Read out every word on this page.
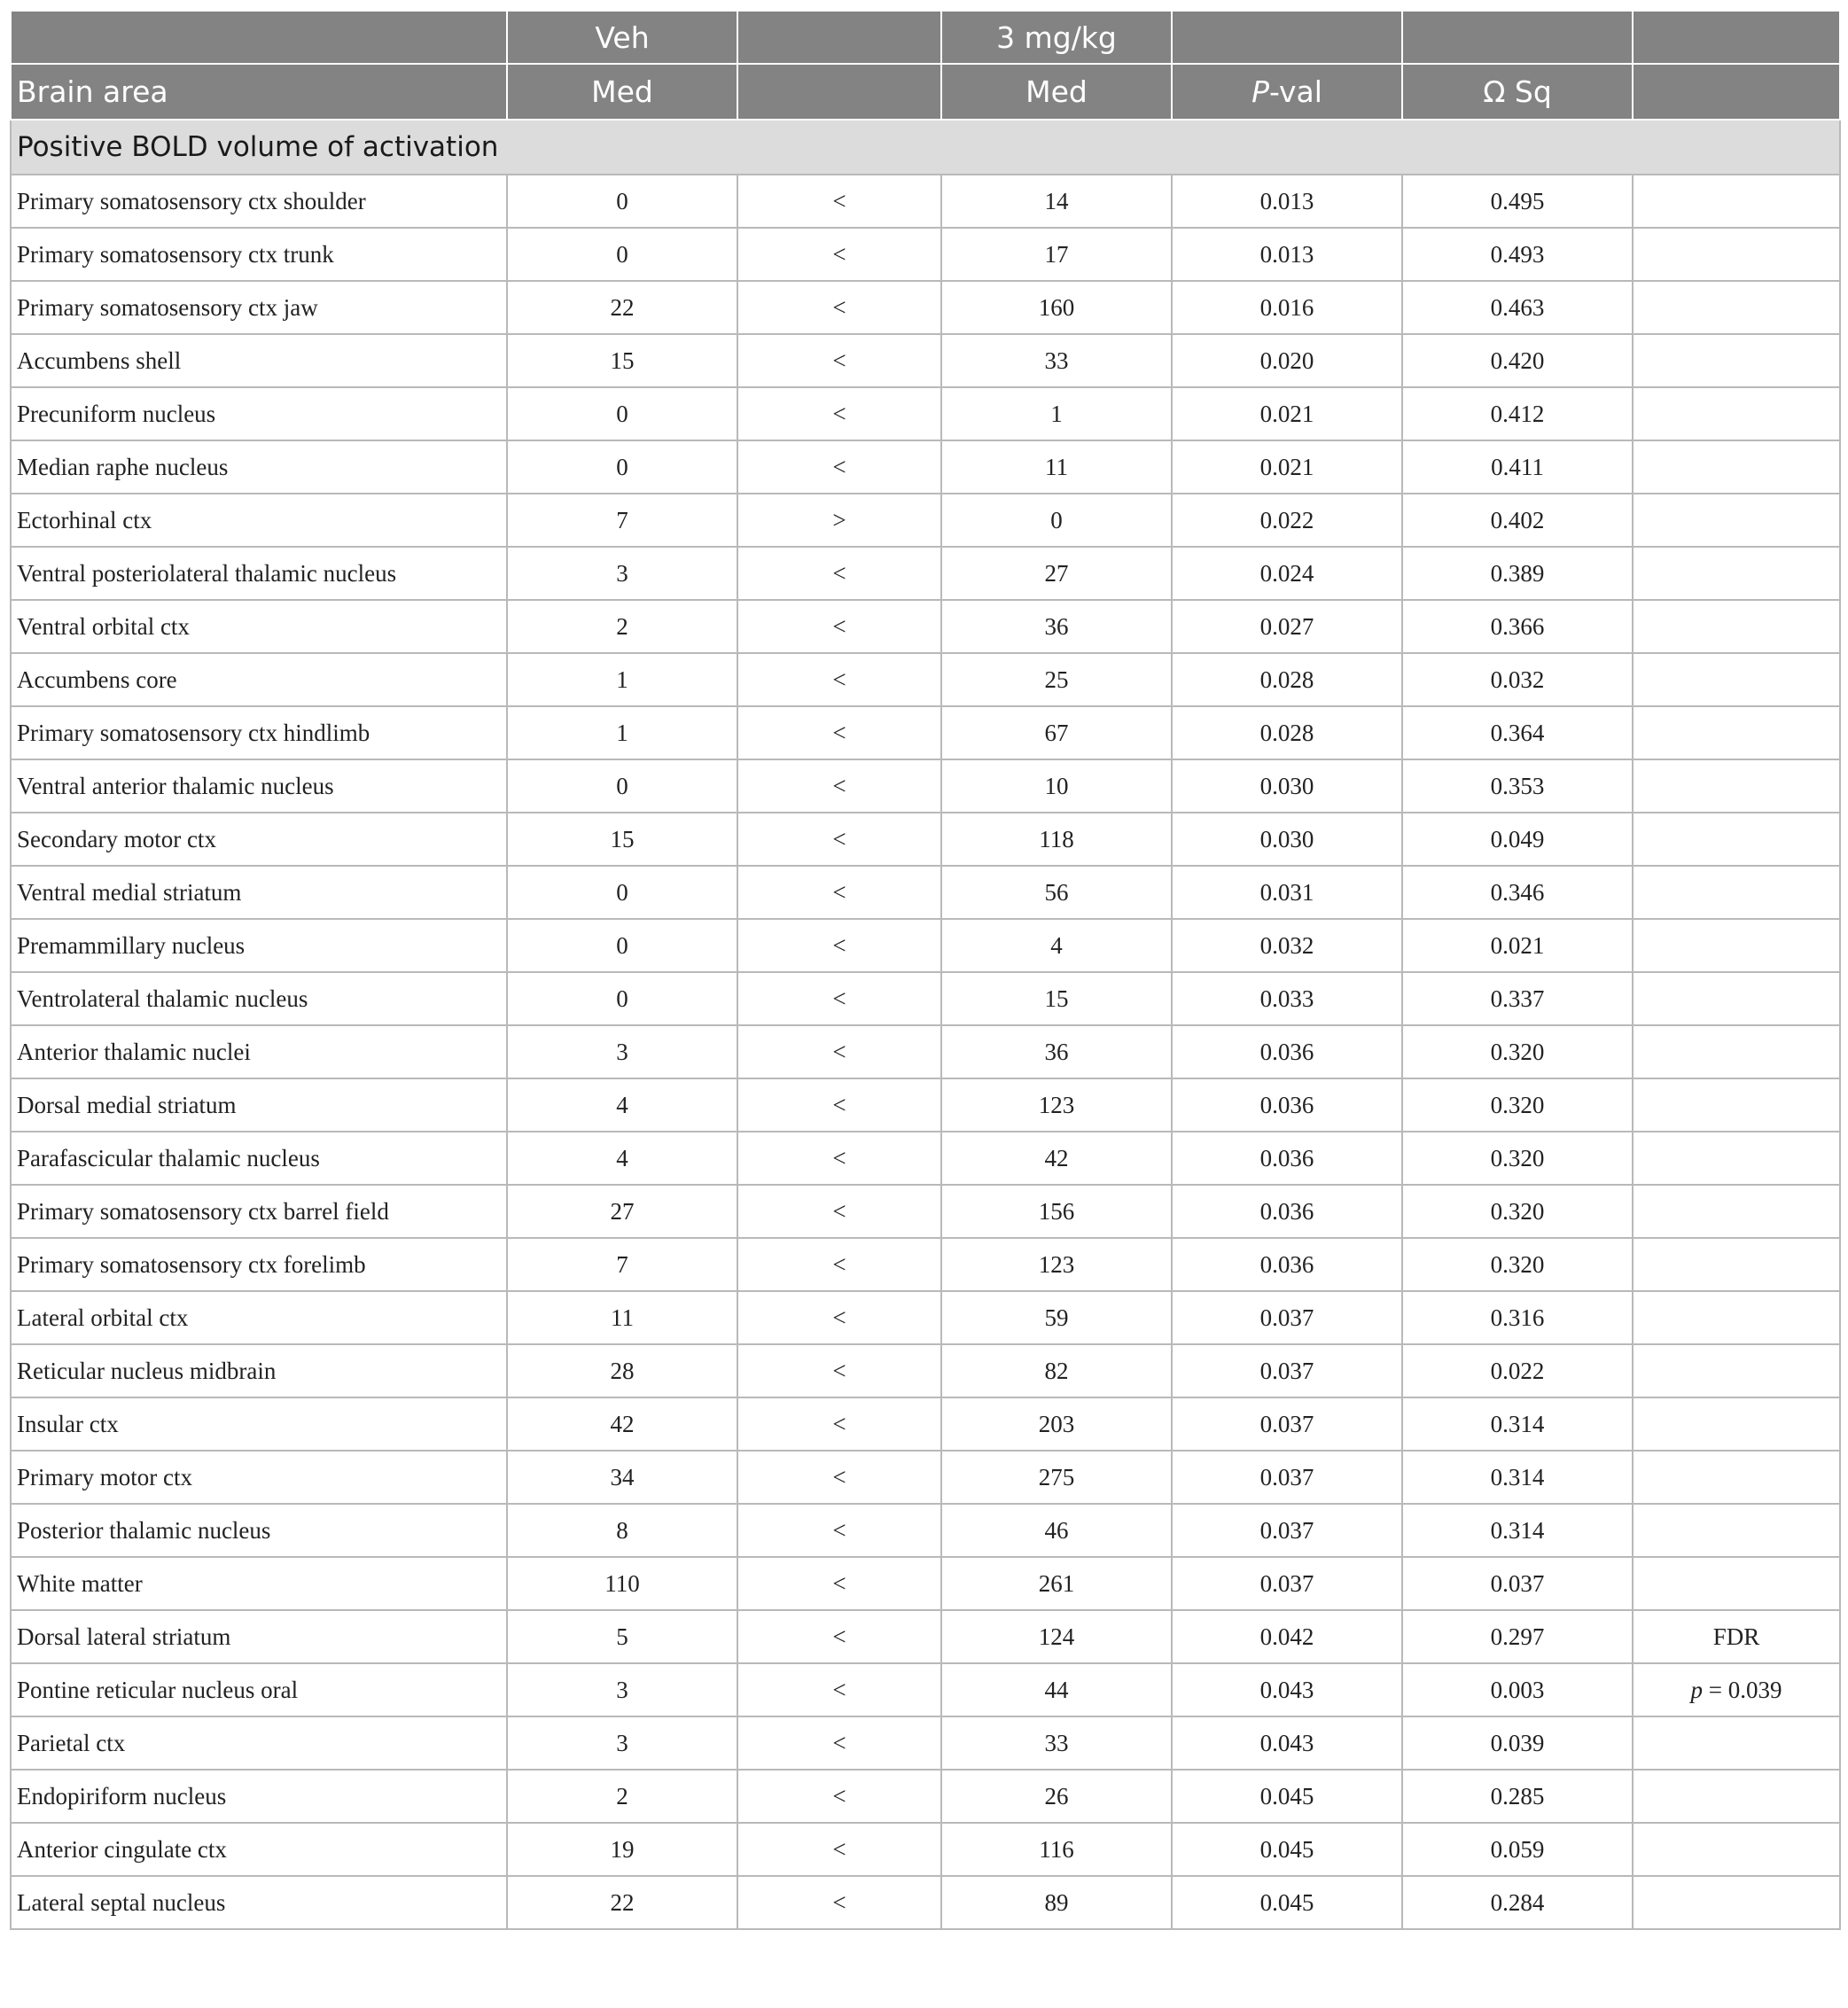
	Veh		3 mg/kg			
Brain area	Med		Med	P-val	Ω Sq	
Positive BOLD volume of activation						
Primary somatosensory ctx shoulder	0	<	14	0.013	0.495	
Primary somatosensory ctx trunk	0	<	17	0.013	0.493	
Primary somatosensory ctx jaw	22	<	160	0.016	0.463	
Accumbens shell	15	<	33	0.020	0.420	
Precuniform nucleus	0	<	1	0.021	0.412	
Median raphe nucleus	0	<	11	0.021	0.411	
Ectorhinal ctx	7	>	0	0.022	0.402	
Ventral posteriolateral thalamic nucleus	3	<	27	0.024	0.389	
Ventral orbital ctx	2	<	36	0.027	0.366	
Accumbens core	1	<	25	0.028	0.032	
Primary somatosensory ctx hindlimb	1	<	67	0.028	0.364	
Ventral anterior thalamic nucleus	0	<	10	0.030	0.353	
Secondary motor ctx	15	<	118	0.030	0.049	
Ventral medial striatum	0	<	56	0.031	0.346	
Premammillary nucleus	0	<	4	0.032	0.021	
Ventrolateral thalamic nucleus	0	<	15	0.033	0.337	
Anterior thalamic nuclei	3	<	36	0.036	0.320	
Dorsal medial striatum	4	<	123	0.036	0.320	
Parafascicular thalamic nucleus	4	<	42	0.036	0.320	
Primary somatosensory ctx barrel field	27	<	156	0.036	0.320	
Primary somatosensory ctx forelimb	7	<	123	0.036	0.320	
Lateral orbital ctx	11	<	59	0.037	0.316	
Reticular nucleus midbrain	28	<	82	0.037	0.022	
Insular ctx	42	<	203	0.037	0.314	
Primary motor ctx	34	<	275	0.037	0.314	
Posterior thalamic nucleus	8	<	46	0.037	0.314	
White matter	110	<	261	0.037	0.037	
Dorsal lateral striatum	5	<	124	0.042	0.297	FDR
Pontine reticular nucleus oral	3	<	44	0.043	0.003	p = 0.039
Parietal ctx	3	<	33	0.043	0.039	
Endopiriform nucleus	2	<	26	0.045	0.285	
Anterior cingulate ctx	19	<	116	0.045	0.059	
Lateral septal nucleus	22	<	89	0.045	0.284	
